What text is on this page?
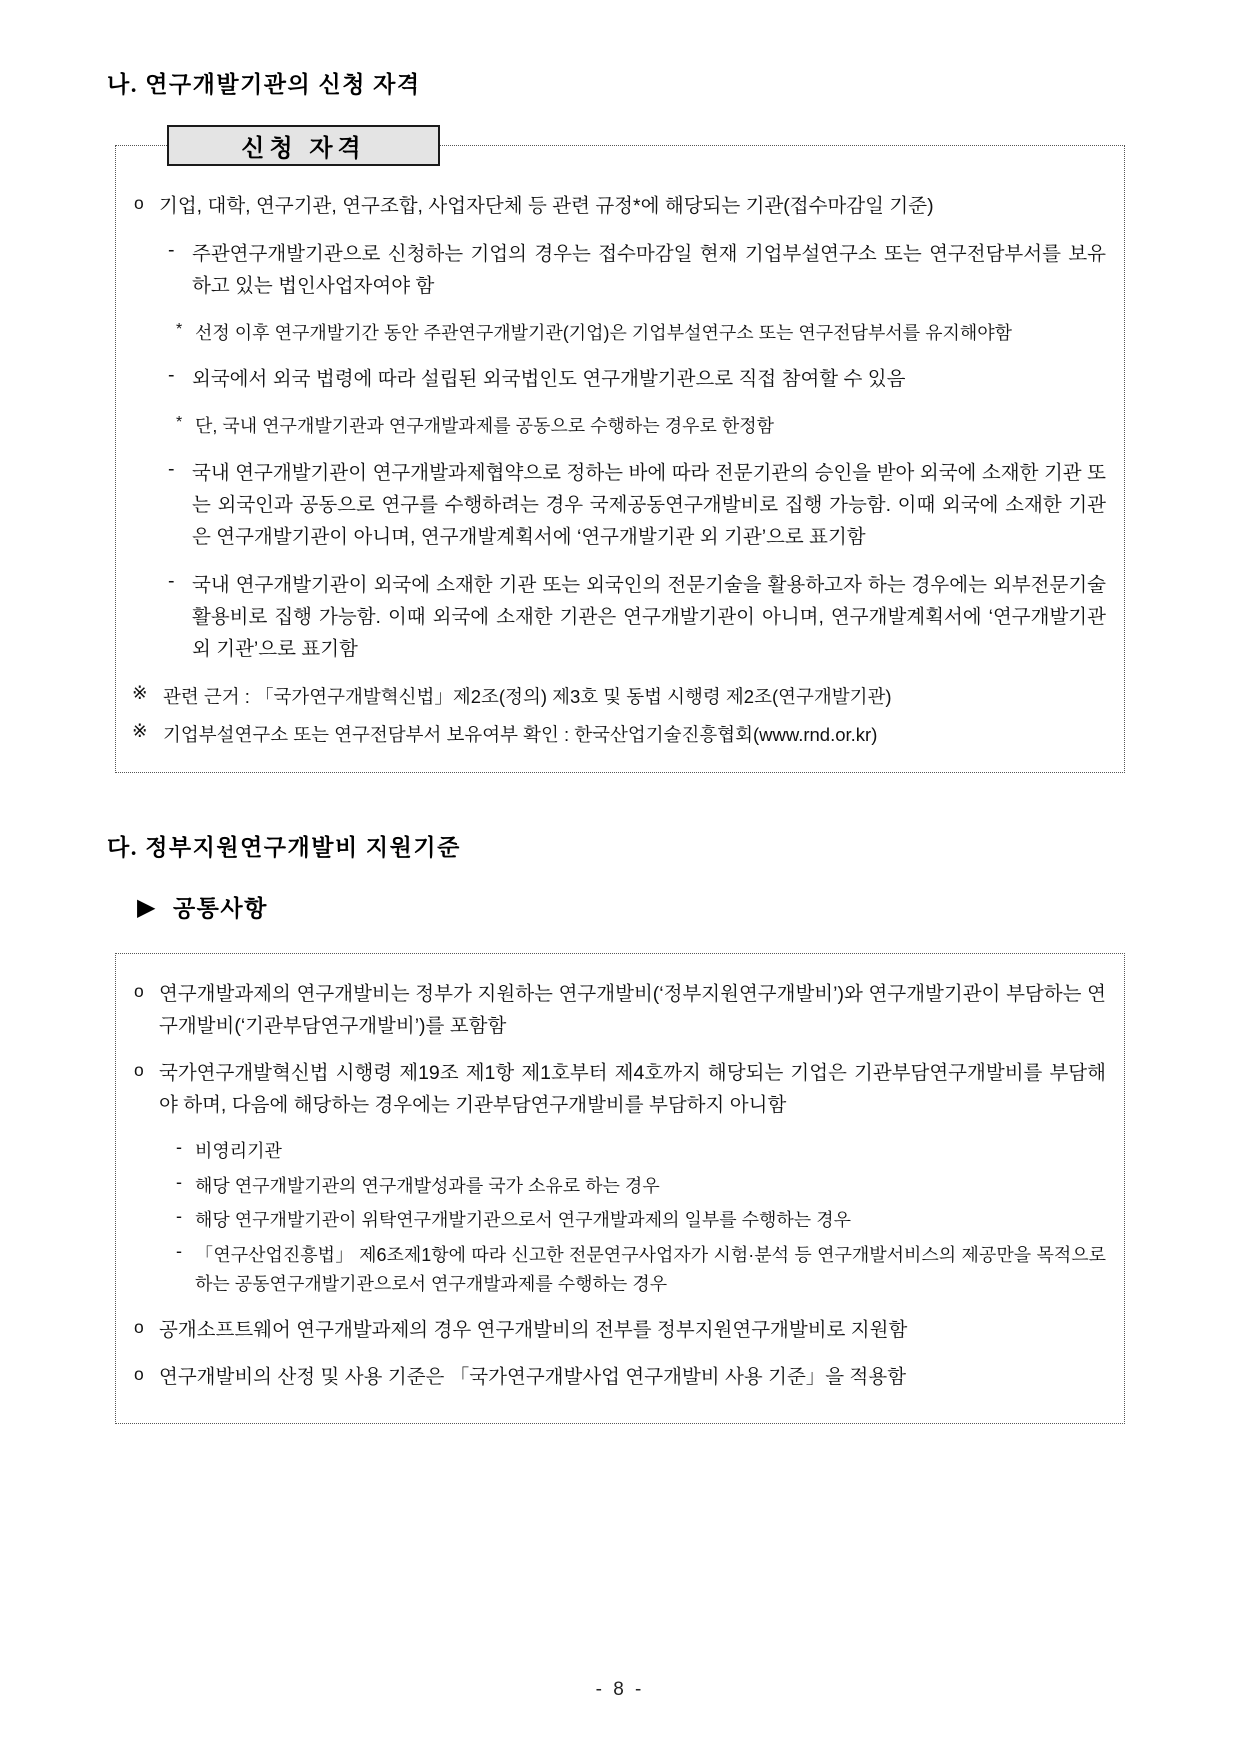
나. 연구개발기관의 신청 자격
신청 자격
o 기업, 대학, 연구기관, 연구조합, 사업자단체 등 관련 규정*에 해당되는 기관(접수마감일 기준)
- 주관연구개발기관으로 신청하는 기업의 경우는 접수마감일 현재 기업부설연구소 또는 연구전담부서를 보유하고 있는 법인사업자여야 함
* 선정 이후 연구개발기간 동안 주관연구개발기관(기업)은 기업부설연구소 또는 연구전담부서를 유지해야함
- 외국에서 외국 법령에 따라 설립된 외국법인도 연구개발기관으로 직접 참여할 수 있음
* 단, 국내 연구개발기관과 연구개발과제를 공동으로 수행하는 경우로 한정함
- 국내 연구개발기관이 연구개발과제협약으로 정하는 바에 따라 전문기관의 승인을 받아 외국에 소재한 기관 또는 외국인과 공동으로 연구를 수행하려는 경우 국제공동연구개발비로 집행 가능함. 이때 외국에 소재한 기관은 연구개발기관이 아니며, 연구개발계획서에 ‘연구개발기관 외 기관’으로 표기함
- 국내 연구개발기관이 외국에 소재한 기관 또는 외국인의 전문기술을 활용하고자 하는 경우에는 외부전문기술활용비로 집행 가능함. 이때 외국에 소재한 기관은 연구개발기관이 아니며, 연구개발계획서에 ‘연구개발기관 외 기관’으로 표기함
※ 관련 근거 : 「국가연구개발혁신법」제2조(정의) 제3호 및 동법 시행령 제2조(연구개발기관)
※ 기업부설연구소 또는 연구전담부서 보유여부 확인 : 한국산업기술진흥협회(www.rnd.or.kr)
다. 정부지원연구개발비 지원기준
▶ 공통사항
o 연구개발과제의 연구개발비는 정부가 지원하는 연구개발비(‘정부지원연구개발비’)와 연구개발기관이 부담하는 연구개발비(‘기관부담연구개발비’)를 포함함
o 국가연구개발혁신법 시행령 제19조 제1항 제1호부터 제4호까지 해당되는 기업은 기관부담연구개발비를 부담해야 하며, 다음에 해당하는 경우에는 기관부담연구개발비를 부담하지 아니함
- 비영리기관
- 해당 연구개발기관의 연구개발성과를 국가 소유로 하는 경우
- 해당 연구개발기관이 위탁연구개발기관으로서 연구개발과제의 일부를 수행하는 경우
- 「연구산업진흥법」 제6조제1항에 따라 신고한 전문연구사업자가 시험·분석 등 연구개발서비스의 제공만을 목적으로 하는 공동연구개발기관으로서 연구개발과제를 수행하는 경우
o 공개소프트웨어 연구개발과제의 경우 연구개발비의 전부를 정부지원연구개발비로 지원함
o 연구개발비의 산정 및 사용 기준은 「국가연구개발사업 연구개발비 사용 기준」을 적용함
- 8 -
